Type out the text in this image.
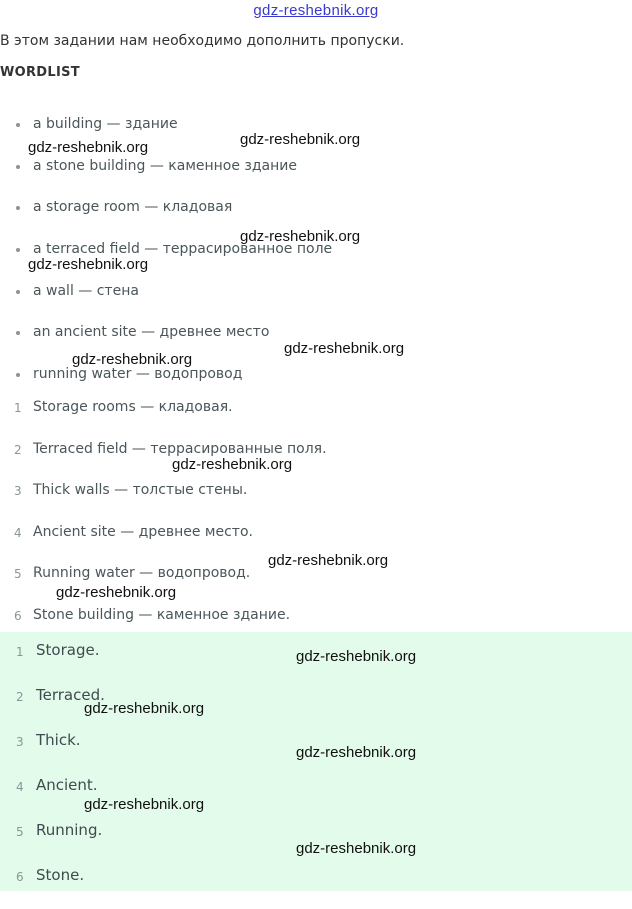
gdz-reshebnik.org
В этом задании нам необходимо дополнить пропуски.
WORDLIST
a building — здание
a stone building — каменное здание
a storage room — кладовая
a terraced field — террасированное поле
a wall — стена
an ancient site — древнее место
running water — водопровод
1 Storage rooms — кладовая.
2 Terraced field — террасированные поля.
3 Thick walls — толстые стены.
4 Ancient site — древнее место.
5 Running water — водопровод.
6 Stone building — каменное здание.
1 Storage.
2 Terraced.
3 Thick.
4 Ancient.
5 Running.
6 Stone.
gdz-reshebnik.org
gdz-reshebnik.org
gdz-reshebnik.org
gdz-reshebnik.org
gdz-reshebnik.org
gdz-reshebnik.org
gdz-reshebnik.org
gdz-reshebnik.org
gdz-reshebnik.org
gdz-reshebnik.org
gdz-reshebnik.org
gdz-reshebnik.org
gdz-reshebnik.org
gdz-reshebnik.org
